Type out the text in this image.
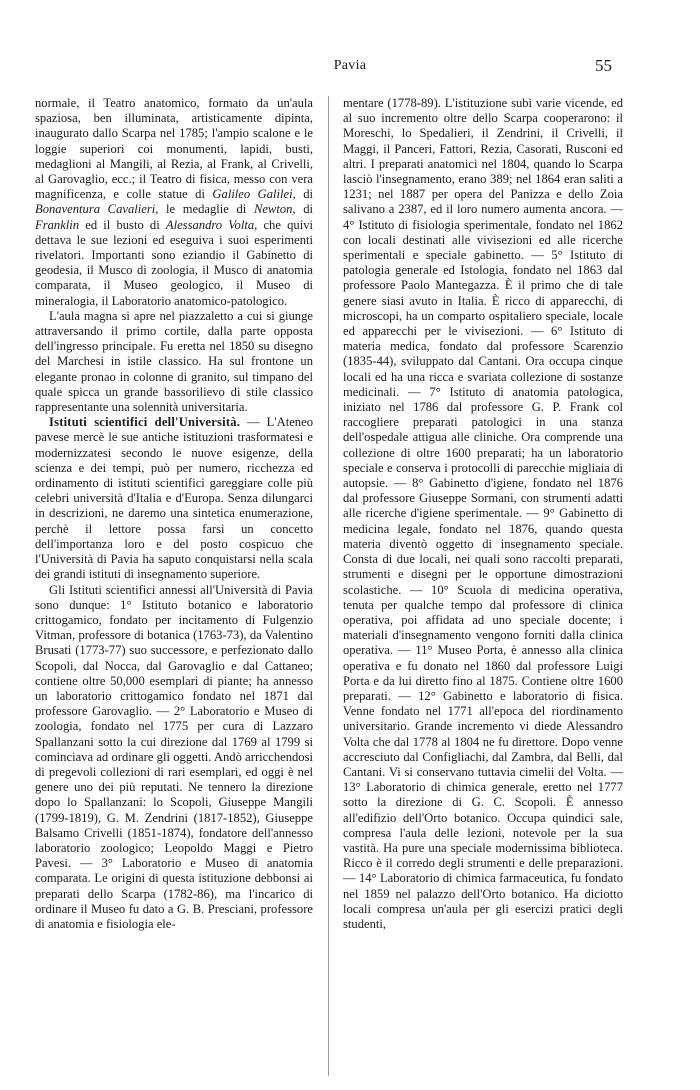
Pavia	55

normale, il Teatro anatomico, formato da un'aula spaziosa, ben illuminata, artisticamente dipinta, inaugurato dallo Scarpa nel 1785; l'ampio scalone e le loggie superiori coi monumenti, lapidi, busti, medaglioni al Mangili, al Rezia, al Frank, al Crivelli, al Garovaglio, ecc.; il Teatro di fisica, messo con vera magnificenza, e colle statue di Galileo Galilei, di Bonaventura Cavalieri, le medaglie di Newton, di Franklin ed il busto di Alessandro Volta, che quivi dettava le sue lezioni ed eseguiva i suoi esperimenti rivelatori. Importanti sono eziandio il Gabinetto di geodesia, il Musco di zoologia, il Musco di anatomia comparata, il Museo geologico, il Museo di mineralogia, il Laboratorio anatomico-patologico.

L'aula magna si apre nel piazzaletto a cui si giunge attraversando il primo cortile, dalla parte opposta dell'ingresso principale. Fu eretta nel 1850 su disegno del Marchesi in istile classico. Ha sul frontone un elegante pronao in colonne di granito, sul timpano del quale spicca un grande bassorilievo di stile classico rappresentante una solennità universitaria.

Istituti scientifici dell'Università. — L'Ateneo pavese mercè le sue antiche istituzioni trasformatesi e modernizzatesi secondo le nuove esigenze, della scienza e dei tempi, può per numero, ricchezza ed ordinamento di istituti scientifici gareggiare colle più celebri università d'Italia e d'Europa. Senza dilungarci in descrizioni, ne daremo una sintetica enumerazione, perchè il lettore possa farsi un concetto dell'importanza loro e del posto cospicuo che l'Università di Pavia ha saputo conquistarsi nella scala dei grandi istituti di insegnamento superiore.

Gli Istituti scientifici annessi all'Università di Pavia sono dunque: 1° Istituto botanico e laboratorio crittogamico, fondato per incitamento di Fulgenzio Vitman, professore di botanica (1763-73), da Valentino Brusati (1773-77) suo successore, e perfezionato dallo Scopoli, dal Nocca, dal Garovaglio e dal Cattaneo; contiene oltre 50,000 esemplari di piante; ha annesso un laboratorio crittogamico fondato nel 1871 dal professore Garovaglio. — 2° Laboratorio e Museo di zoologia, fondato nel 1775 per cura di Lazzaro Spallanzani sotto la cui direzione dal 1769 al 1799 si cominciava ad ordinare gli oggetti. Andò arricchendosi di pregevoli collezioni di rari esemplari, ed oggi è nel genere uno dei più reputati. Ne tennero la direzione dopo lo Spallanzani: lo Scopoli, Giuseppe Mangili (1799-1819), G. M. Zendrini (1817-1852), Giuseppe Balsamo Crivelli (1851-1874), fondatore dell'annesso laboratorio zoologico; Leopoldo Maggi e Pietro Pavesi. — 3° Laboratorio e Museo di anatomia comparata. Le origini di questa istituzione debbonsi ai preparati dello Scarpa (1782-86), ma l'incarico di ordinare il Museo fu dato a G. B. Presciani, professore di anatomia e fisiologia ele-

mentare (1778-89). L'istituzione subì varie vicende, ed al suo incremento oltre dello Scarpa cooperarono: il Moreschi, lo Spedalieri, il Zendrini, il Crivelli, il Maggi, il Panceri, Fattori, Rezia, Casorati, Rusconi ed altri. I preparati anatomici nel 1804, quando lo Scarpa lasciò l'insegnamento, erano 389; nel 1864 eran saliti a 1231; nel 1887 per opera del Panizza e dello Zoia salivano a 2387, ed il loro numero aumenta ancora. — 4° Istituto di fisiologia sperimentale, fondato nel 1862 con locali destinati alle vivisezioni ed alle ricerche sperimentali e speciale gabinetto. — 5° Istituto di patologia generale ed Istologia, fondato nel 1863 dal professore Paolo Mantegazza. È il primo che di tale genere siasi avuto in Italia. È ricco di apparecchi, di microscopi, ha un compartо ospitaliero speciale, locale ed apparecchi per le vivisezioni. — 6° Istituto di materia medica, fondato dal professore Scarenzio (1835-44), sviluppato dal Cantani. Ora occupa cinque locali ed ha una ricca e svariata collezione di sostanze medicinali. — 7° Istituto di anatomia patologica, iniziato nel 1786 dal professore G. P. Frank col raccogliere preparati patologici in una stanza dell'ospedale attigua alle cliniche. Ora comprende una collezione di oltre 1600 preparati; ha un laboratorio speciale e conserva i protocolli di parecchie migliaia di autopsie. — 8° Gabinetto d'igiene, fondato nel 1876 dal professore Giuseppe Sormani, con strumenti adatti alle ricerche d'igiene sperimentale. — 9° Gabinetto di medicina legale, fondato nel 1876, quando questa materia diventò oggetto di insegnamento speciale. Consta di due locali, nei quali sono raccolti preparati, strumenti e disegni per le opportune dimostrazioni scolastiche. — 10° Scuola di medicina operativa, tenuta per qualche tempo dal professore di clinica operativa, poi affidata ad uno speciale docente; i materiali d'insegnamento vengono forniti dalla clinica operativa. — 11° Museo Porta, è annesso alla clinica operativa e fu donato nel 1860 dal professore Luigi Porta e da lui diretto fino al 1875. Contiene oltre 1600 preparati. — 12° Gabinetto e laboratorio di fisica. Venne fondato nel 1771 all'epoca del riordinamento universitario. Grande incremento vi diede Alessandro Volta che dal 1778 al 1804 ne fu direttore. Dopo venne accresciuto dal Configliachi, dal Zambra, dal Belli, dal Cantani. Vi si conservano tuttavia cimelii del Volta. — 13° Laboratorio di chimica generale, eretto nel 1777 sotto la direzione di G. C. Scopoli. È annesso all'edifizio dell'Orto botanico. Occupa quindici sale, compresa l'aula delle lezioni, notevole per la sua vastità. Ha pure una speciale modernissima biblioteca. Ricco è il corredo degli strumenti e delle preparazioni. — 14° Laboratorio di chimica farmaceutica, fu fondato nel 1859 nel palazzo dell'Orto botanico. Ha diciotto locali compresa un'aula per gli esercizi pratici degli studenti,
